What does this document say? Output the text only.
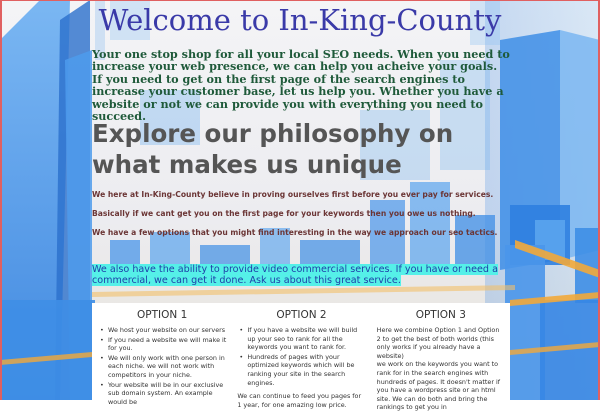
Welcome to In-King-County
Your one stop shop for all your local SEO needs. When you need to increase your web presence, we can help you acheive your goals. If you need to get on the first page of the search engines to increase your customer base, let us help you. Whether you have a website or not we can provide you with everything you need to succeed.
Explore our philosophy on what makes us unique
We here at In-King-County believe in proving ourselves first before you ever pay for services.
Basically if we cant get you on the first page for your keywords then you owe us nothing.
We have a few options that you might find interesting in the way we approach our seo tactics.
We also have the ability to provide video commercial services. If you have or need a commercial, we can get it done. Ask us about this great service.
OPTION 1
• We host your website on our servers
• If you need a website we will make it for you.
• We will only work with one person in each niche. we will not work with competitors in your niche.
• Your website will be in our exclusive sub domain system. An example would be
OPTION 2
• If you have a website we will build up your seo to rank for all the keywords you want to rank for.
• Hundreds of pages with your optimized keywords which will be ranking your site in the search engines.

We can continue to feed you pages for 1 year, for one amazing low price.

OPTION 3

Here we combine Option 1 and Option 2 to get the best of both worlds (this only works if you already have a website)

we work on the keywords you want to rank for in the search engines with hundreds of pages. It doesn't matter if you have a wordpress site or an html site. We can do both and bring the rankings to get you in
